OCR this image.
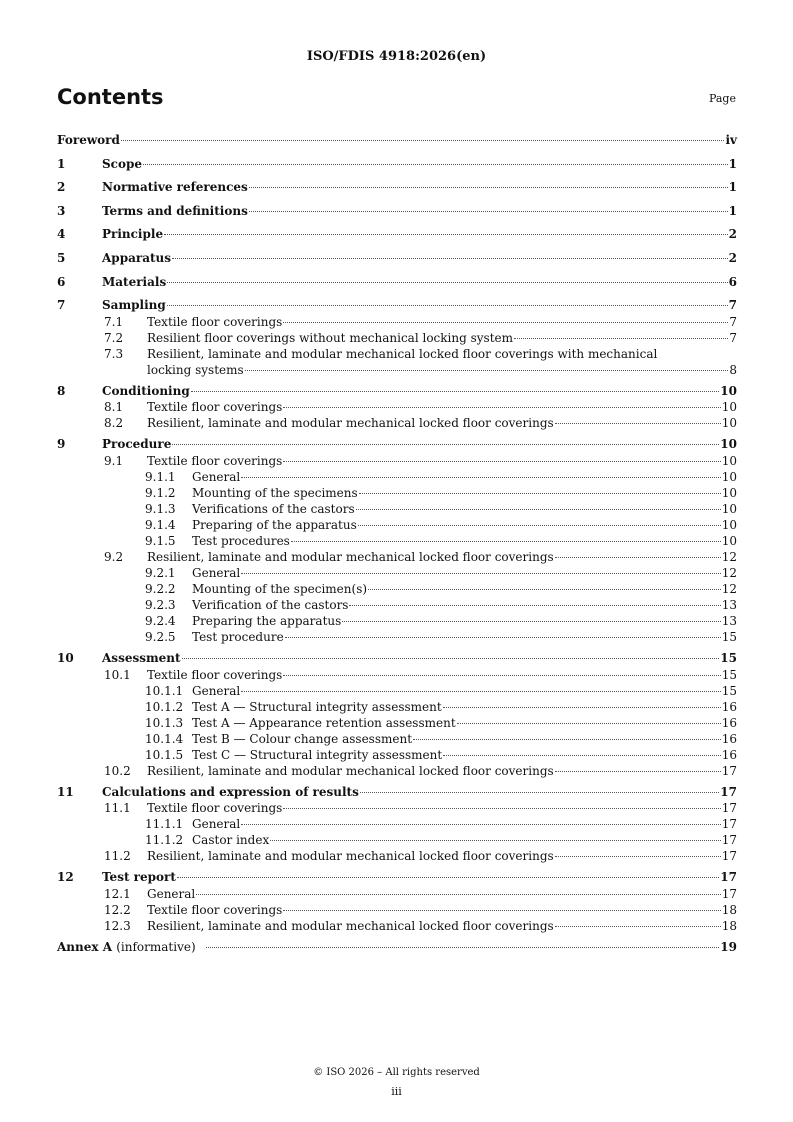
ISO/FDIS 4918:2026(en)
Contents	Page
Foreword	iv
1	Scope	1
2	Normative references	1
3	Terms and definitions	1
4	Principle	2
5	Apparatus	2
6	Materials	6
7	Sampling	7
7.1 Textile floor coverings	7
7.2 Resilient floor coverings without mechanical locking system	7
7.3 Resilient, laminate and modular mechanical locked floor coverings with mechanical
locking systems	8
8	Conditioning	10
8.1 Textile floor coverings	10
8.2 Resilient, laminate and modular mechanical locked floor coverings	10
9	Procedure	10
9.1 Textile floor coverings	10
9.1.1 General	10
9.1.2 Mounting of the specimens	10
9.1.3 Verifications of the castors	10
9.1.4 Preparing of the apparatus	10
9.1.5 Test procedures	10
9.2 Resilient, laminate and modular mechanical locked floor coverings	12
9.2.1 General	12
9.2.2 Mounting of the specimen(s)	12
9.2.3 Verification of the castors	13
9.2.4 Preparing the apparatus	13
9.2.5 Test procedure	15
10 Assessment	15
10.1 Textile floor coverings	15
10.1.1 General	15
10.1.2 Test A — Structural integrity assessment	16
10.1.3 Test A — Appearance retention assessment	16
10.1.4 Test B — Colour change assessment	16
10.1.5 Test C — Structural integrity assessment	16
10.2 Resilient, laminate and modular mechanical locked floor coverings	17
11 Calculations and expression of results	17
11.1 Textile floor coverings	17
11.1.1 General	17
11.1.2 Castor index	17
11.2 Resilient, laminate and modular mechanical locked floor coverings	17
12 Test report	17
12.1 General	17
12.2 Textile floor coverings	18
12.3 Resilient, laminate and modular mechanical locked floor coverings	18
Annex A (informative)	19
© ISO 2026 – All rights reserved
iii
